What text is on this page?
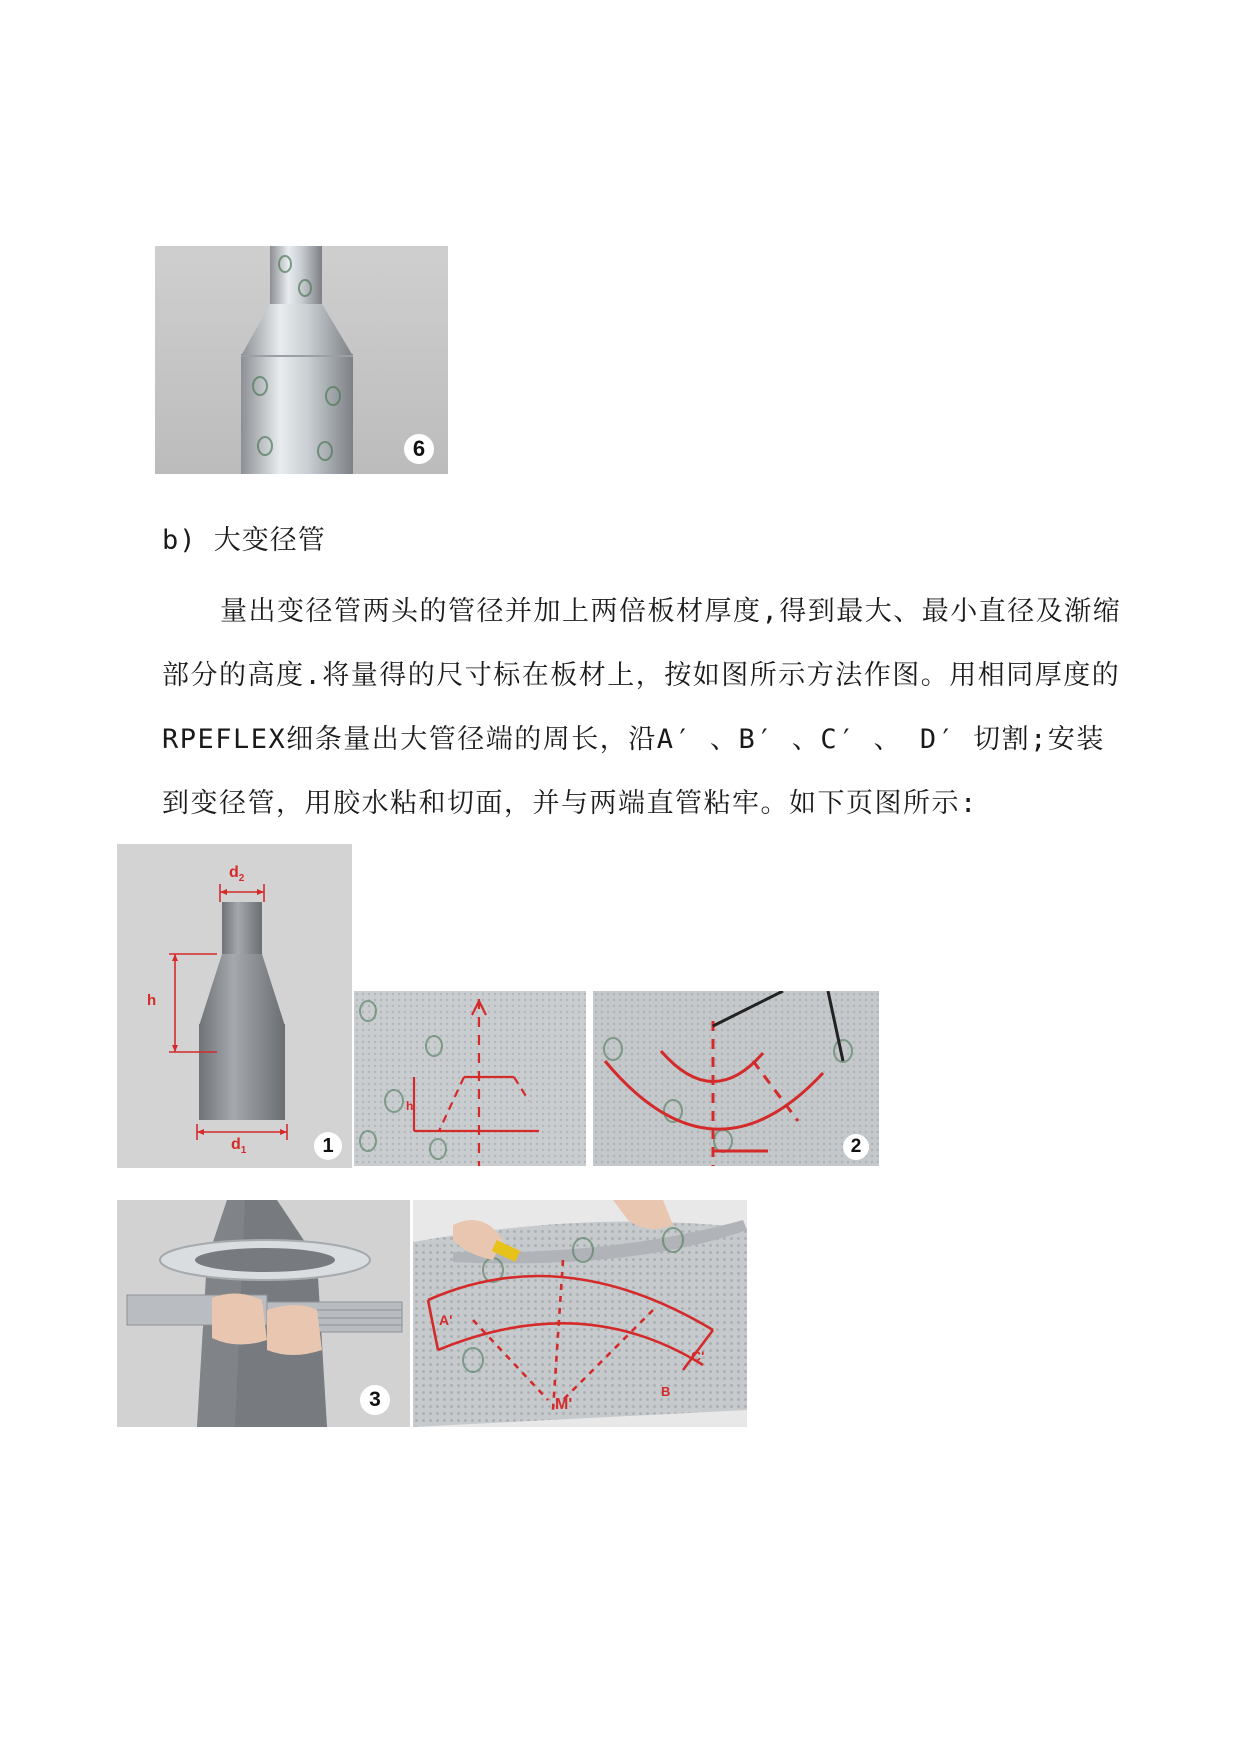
6
b) 大变径管
量出变径管两头的管径并加上两倍板材厚度,得到最大、最小直径及渐缩部分的高度.将量得的尺寸标在板材上，按如图所示方法作图。用相同厚度的RPEFLEX细条量出大管径端的周长，沿A′ 、B′ 、C′ 、 D′ 切割;安装到变径管，用胶水粘和切面，并与两端直管粘牢。如下页图所示:
$d_2$
h
$d_1$	1
h
2
3
A'
C'
B
M'
